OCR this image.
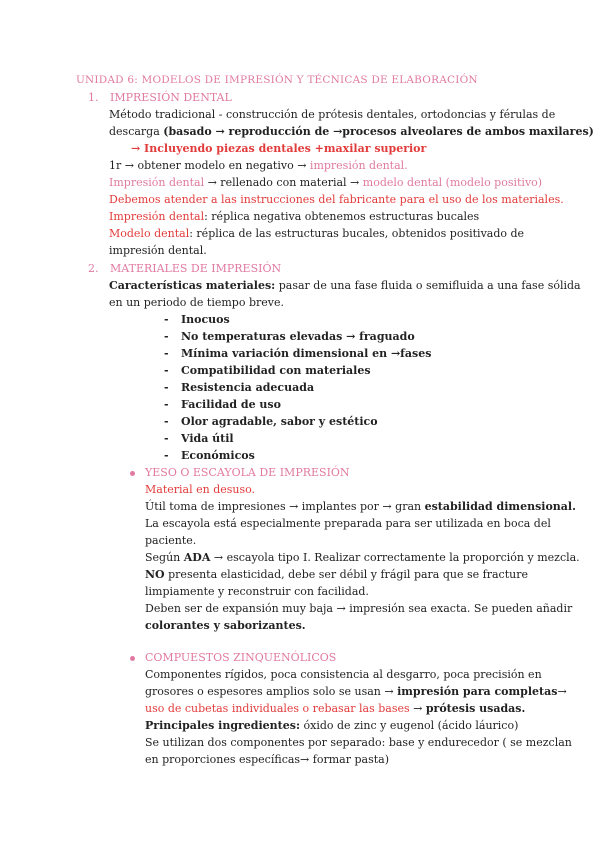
UNIDAD 6: MODELOS DE IMPRESIÓN Y TÉCNICAS DE ELABORACIÓN
1. IMPRESIÓN DENTAL
Método tradicional - construcción de prótesis dentales, ortodoncias y férulas de
descarga (basado → reproducción de →procesos alveolares de ambos maxilares)
→ Incluyendo piezas dentales +maxilar superior
1r → obtener modelo en negativo → impresión dental.
Impresión dental → rellenado con material → modelo dental (modelo positivo)
Debemos atender a las instrucciones del fabricante para el uso de los materiales.
Impresión dental: réplica negativa obtenemos estructuras bucales
Modelo dental: réplica de las estructuras bucales, obtenidos positivado de
impresión dental.
2. MATERIALES DE IMPRESIÓN
Características materiales: pasar de una fase fluida o semifluida a una fase sólida
en un periodo de tiempo breve.
- Inocuos
- No temperaturas elevadas → fraguado
- Mínima variación dimensional en →fases
- Compatibilidad con materiales
- Resistencia adecuada
- Facilidad de uso
- Olor agradable, sabor y estético
- Vida útil
- Económicos
YESO O ESCAYOLA DE IMPRESIÓN
Material en desuso.
Útil toma de impresiones → implantes por → gran estabilidad dimensional.
La escayola está especialmente preparada para ser utilizada en boca del
paciente.
Según ADA → escayola tipo I. Realizar correctamente la proporción y mezcla.
NO presenta elasticidad, debe ser débil y frágil para que se fracture
limpiamente y reconstruir con facilidad.
Deben ser de expansión muy baja → impresión sea exacta. Se pueden añadir
colorantes y saborizantes.
COMPUESTOS ZINQUENÓLICOS
Componentes rígidos, poca consistencia al desgarro, poca precisión en
grosores o espesores amplios solo se usan → impresión para completas→
uso de cubetas individuales o rebasar las bases → prótesis usadas.
Principales ingredientes: óxido de zinc y eugenol (ácido láurico)
Se utilizan dos componentes por separado: base y endurecedor ( se mezclan
en proporciones específicas→ formar pasta)
